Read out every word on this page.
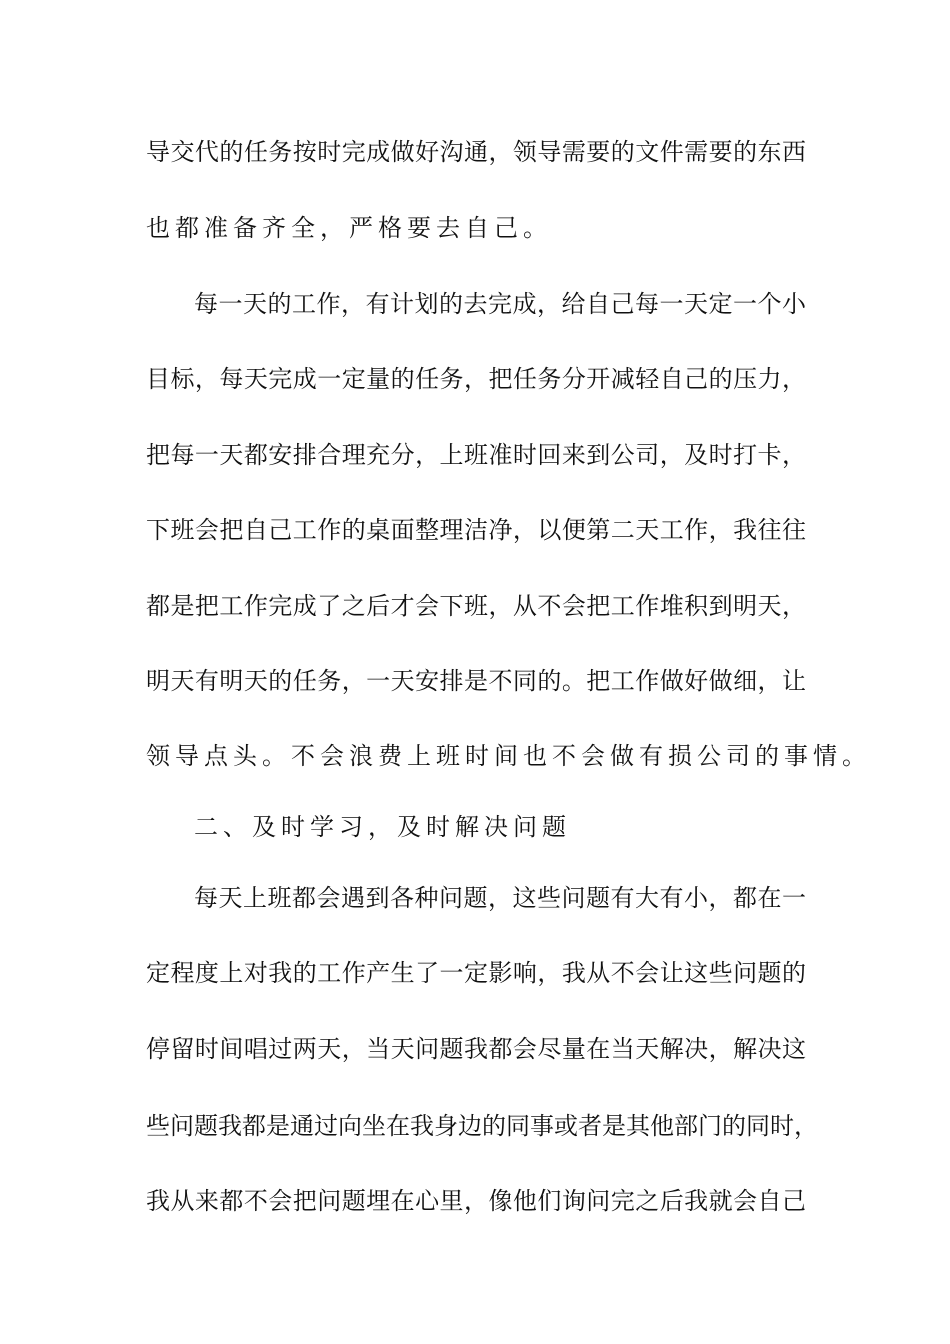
导交代的任务按时完成做好沟通，领导需要的文件需要的东西
也都准备齐全，严格要去自己。
每一天的工作，有计划的去完成，给自己每一天定一个小
目标，每天完成一定量的任务，把任务分开减轻自己的压力，
把每一天都安排合理充分，上班准时回来到公司，及时打卡，
下班会把自己工作的桌面整理洁净，以便第二天工作，我往往
都是把工作完成了之后才会下班，从不会把工作堆积到明天，
明天有明天的任务，一天安排是不同的。把工作做好做细，让
领导点头。不会浪费上班时间也不会做有损公司的事情。
二、及时学习，及时解决问题
每天上班都会遇到各种问题，这些问题有大有小，都在一
定程度上对我的工作产生了一定影响，我从不会让这些问题的
停留时间唱过两天，当天问题我都会尽量在当天解决，解决这
些问题我都是通过向坐在我身边的同事或者是其他部门的同时，
我从来都不会把问题埋在心里，像他们询问完之后我就会自己
